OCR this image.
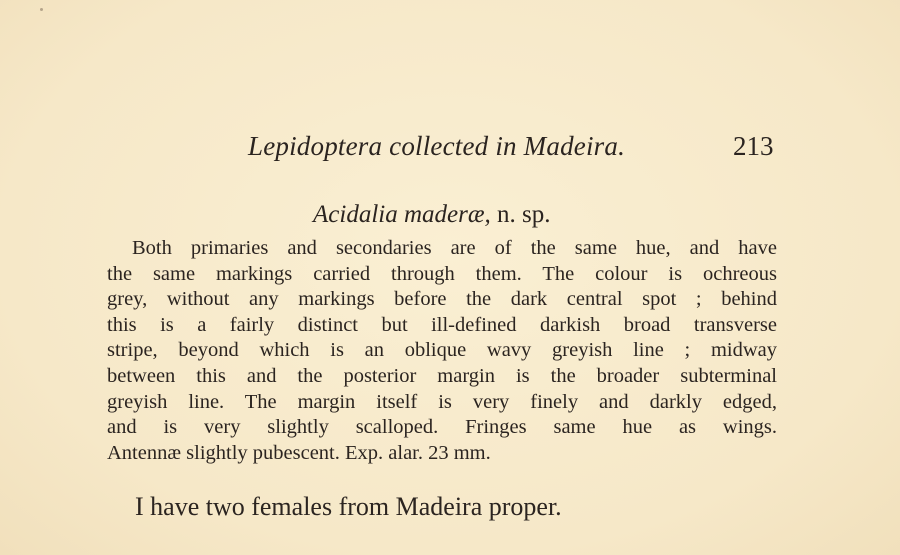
Lepidoptera collected in Madeira.	213
Acidalia maderæ, n. sp.
Both primaries and secondaries are of the same hue, and have
the same markings carried through them. The colour is ochreous
grey, without any markings before the dark central spot ; behind
this is a fairly distinct but ill-defined darkish broad transverse
stripe, beyond which is an oblique wavy greyish line ; midway
between this and the posterior margin is the broader subterminal
greyish line. The margin itself is very finely and darkly edged,
and is very slightly scalloped. Fringes same hue as wings.
Antennæ slightly pubescent. Exp. alar. 23 mm.
I have two females from Madeira proper.
